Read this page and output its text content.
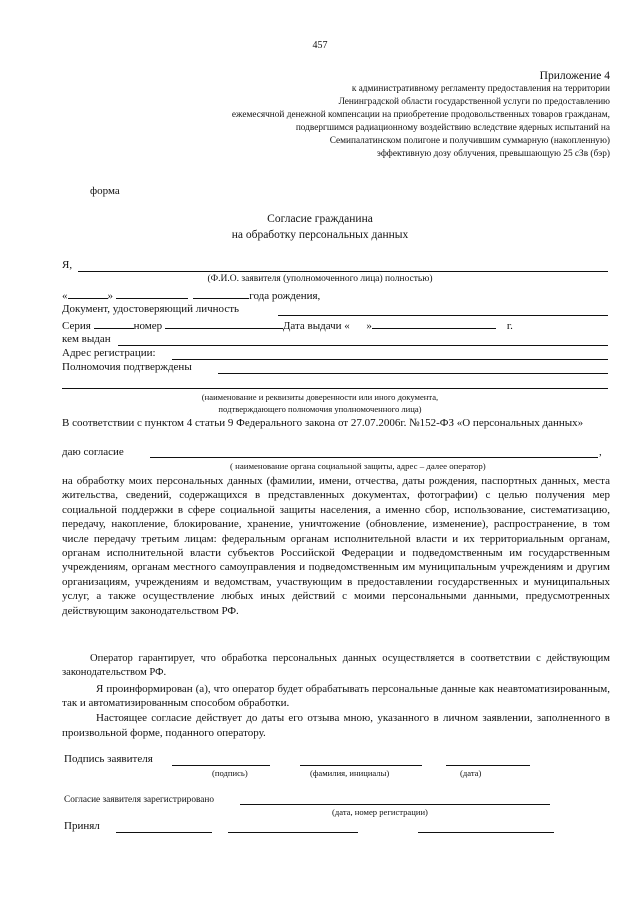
457
Приложение 4
к административному регламенту предоставления на территории
Ленинградской области государственной услуги по предоставлению
ежемесячной денежной компенсации на приобретение продовольственных товаров гражданам,
подвергшимся радиационному воздействию вследствие ядерных испытаний на
Семипалатинском полигоне и получившим суммарную (накопленную)
эффективную дозу облучения, превышающую 25 сЗв (бэр)
форма
Согласие гражданина
на обработку персональных данных
Я,
(Ф.И.О. заявителя (уполномоченного лица) полностью)
«	»	года рождения,
Документ, удостоверяющий личность
Серия	номер	Дата выдачи « »	г.
кем выдан
Адрес регистрации:
Полномочия подтверждены
(наименование и реквизиты доверенности или иного документа,
подтверждающего полномочия уполномоченного лица)
В соответствии с пунктом 4 статьи 9 Федерального закона от 27.07.2006г. №152-ФЗ «О персональных данных»
даю согласие	,
( наименование органа социальной защиты, адрес – далее оператор)
на обработку моих персональных данных (фамилии, имени, отчества, даты рождения, паспортных данных, места жительства, сведений, содержащихся в представленных документах, фотографии) с целью получения мер социальной поддержки в сфере социальной защиты населения, а именно сбор, использование, систематизацию, передачу, накопление, блокирование, хранение, уничтожение (обновление, изменение), распространение, в том числе передачу третьим лицам: федеральным органам исполнительной власти и их территориальным органам, органам исполнительной власти субъектов Российской Федерации и подведомственным им государственным учреждениям, органам местного самоуправления и подведомственным им муниципальным учреждениям и другим организациям, учреждениям и ведомствам, участвующим в предоставлении государственных и муниципальных услуг, а также осуществление любых иных действий с моими персональными данными, предусмотренных действующим законодательством РФ.
Оператор гарантирует, что обработка персональных данных осуществляется в соответствии с действующим законодательством РФ.
Я проинформирован (а), что оператор будет обрабатывать персональные данные как неавтоматизированным, так и автоматизированным способом обработки.
Настоящее согласие действует до даты его отзыва мною, указанного в личном заявлении, заполненного в произвольной форме, поданного оператору.
Подпись заявителя
(подпись)	(фамилия, инициалы)	(дата)
Согласие заявителя зарегистрировано
(дата, номер регистрации)
Принял
